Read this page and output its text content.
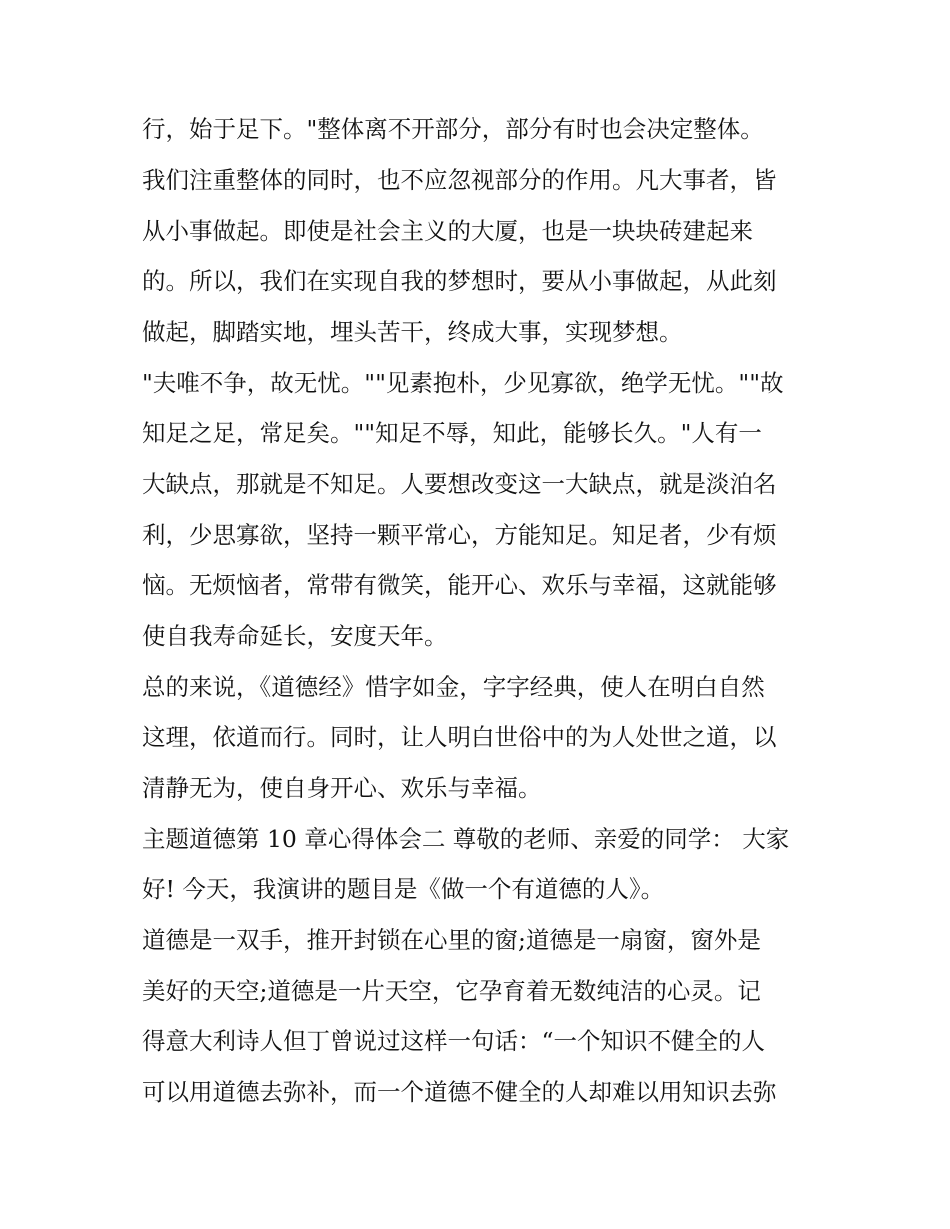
行，始于足下。"整体离不开部分，部分有时也会决定整体。
我们注重整体的同时，也不应忽视部分的作用。凡大事者，皆
从小事做起。即使是社会主义的大厦，也是一块块砖建起来
的。所以，我们在实现自我的梦想时，要从小事做起，从此刻
做起，脚踏实地，埋头苦干，终成大事，实现梦想。
"夫唯不争，故无忧。""见素抱朴，少见寡欲，绝学无忧。""故
知足之足，常足矣。""知足不辱，知此，能够长久。"人有一
大缺点，那就是不知足。人要想改变这一大缺点，就是淡泊名
利，少思寡欲，坚持一颗平常心，方能知足。知足者，少有烦
恼。无烦恼者，常带有微笑，能开心、欢乐与幸福，这就能够
使自我寿命延长，安度天年。
总的来说，《道德经》惜字如金，字字经典，使人在明白自然
这理，依道而行。同时，让人明白世俗中的为人处世之道，以
清静无为，使自身开心、欢乐与幸福。
主题道德第 10 章心得体会二 尊敬的老师、亲爱的同学： 大家
好! 今天，我演讲的题目是《做一个有道德的人》。
道德是一双手，推开封锁在心里的窗;道德是一扇窗，窗外是
美好的天空;道德是一片天空，它孕育着无数纯洁的心灵。记
得意大利诗人但丁曾说过这样一句话：“一个知识不健全的人
可以用道德去弥补，而一个道德不健全的人却难以用知识去弥
